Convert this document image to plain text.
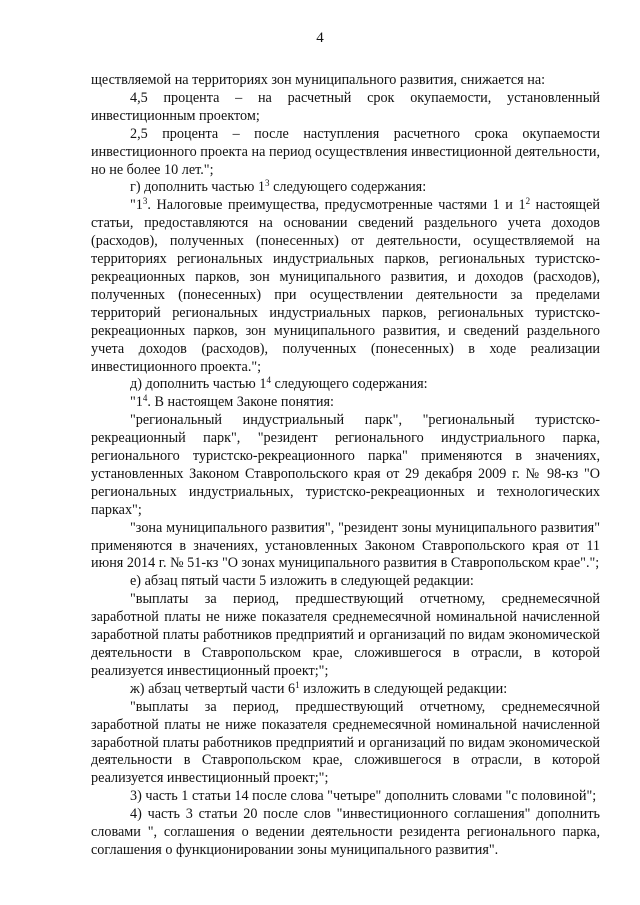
4

ществляемой на территориях зон муниципального развития, снижается на:

4,5 процента – на расчетный срок окупаемости, установленный инвестиционным проектом;

2,5 процента – после наступления расчетного срока окупаемости инвестиционного проекта на период осуществления инвестиционной деятельности, но не более 10 лет.";

г) дополнить частью $1^3$ следующего содержания:

"$1^3$. Налоговые преимущества, предусмотренные частями 1 и $1^2$ настоящей статьи, предоставляются на основании сведений раздельного учета доходов (расходов), полученных (понесенных) от деятельности, осуществляемой на территориях региональных индустриальных парков, региональных туристско-рекреационных парков, зон муниципального развития, и доходов (расходов), полученных (понесенных) при осуществлении деятельности за пределами территорий региональных индустриальных парков, региональных туристско-рекреационных парков, зон муниципального развития, и сведений раздельного учета доходов (расходов), полученных (понесенных) в ходе реализации инвестиционного проекта.";

д) дополнить частью $1^4$ следующего содержания:

"$1^4$. В настоящем Законе понятия:

"региональный индустриальный парк", "региональный туристско-рекреационный парк", "резидент регионального индустриального парка, регионального туристско-рекреационного парка" применяются в значениях, установленных Законом Ставропольского края от 29 декабря 2009 г. № 98-кз "О региональных индустриальных, туристско-рекреационных и технологических парках";

"зона муниципального развития", "резидент зоны муниципального развития" применяются в значениях, установленных Законом Ставропольского края от 11 июня 2014 г. № 51-кз "О зонах муниципального развития в Ставропольском крае".";

е) абзац пятый части 5 изложить в следующей редакции:

"выплаты за период, предшествующий отчетному, среднемесячной заработной платы не ниже показателя среднемесячной номинальной начисленной заработной платы работников предприятий и организаций по видам экономической деятельности в Ставропольском крае, сложившегося в отрасли, в которой реализуется инвестиционный проект;";

ж) абзац четвертый части $6^1$ изложить в следующей редакции:

"выплаты за период, предшествующий отчетному, среднемесячной заработной платы не ниже показателя среднемесячной номинальной начисленной заработной платы работников предприятий и организаций по видам экономической деятельности в Ставропольском крае, сложившегося в отрасли, в которой реализуется инвестиционный проект;";

3) часть 1 статьи 14 после слова "четыре" дополнить словами "с половиной";

4) часть 3 статьи 20 после слов "инвестиционного соглашения" дополнить словами ", соглашения о ведении деятельности резидента регионального парка, соглашения о функционировании зоны муниципального развития".
